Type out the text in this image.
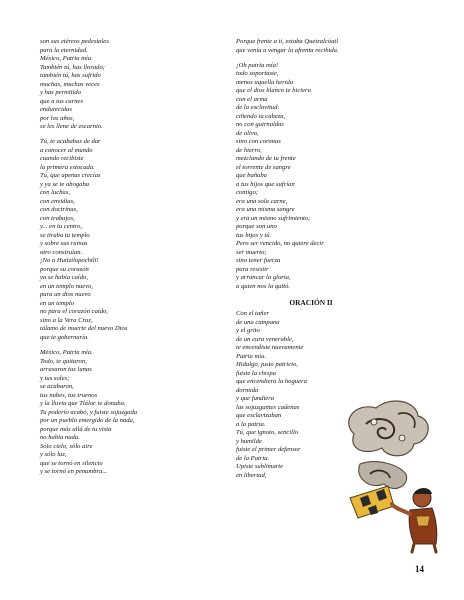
son sus etéreos pedestales
para la eternidad.
México, Patria mía.
También tú, has llorado;
también tú, has sufrido
muchas, muchas veces
y has permitido
que a tus carnes
endurecidas
por los años,
se les llene de escarnio.
Tú, te acababas de dar
a conocer al mundo
cuando recibiste
la primera estocada.
Tú, que apenas crecías
y ya se te ahogaba
con luchas,
con envidias,
con doctrinas,
con trabajos,
y... en tu centro,
se tiraba tu templo
y sobre sus ruinas
otro construían.
¡No a Huitzilopochtli!
porque su corazón
ya se había caído,
en un templo nuevo,
para un dios nuevo
en un templo
no para el corazón caído,
sino a la Vera Cruz,
tálamo de muerte del nuevo Dios
que te gobernaría.
México, Patria mía.
Todo, te quitaron,
arrasaron tus lunas
y tus soles;
se acabaron,
tus nubes, tus truenos
y la lluvia que Tláloc te donaba.
Tu poderío acabó, y fuiste sojuzgada
por un pueblo emergido de la nada,
porque más allá de tu vista
no había nada.
Sólo cielo, sólo aire
y sólo luz,
que se tornó en silencio
y se tornó en penumbra...
Porque frente a ti, estaba Quetzalcóatl
que venía a vengar la afrenta recibida.
¡Oh patria mía!
todo soportaste,
menos aquella herida
que el dios blanco te hiciera
con el arma
de la esclavitud:
ciñendo tu cabeza,
no con guirnaldas
de olivo,
sino con coronas
de hierro,
mezclando de tu frente
el torrente de sangre
que bañaba
a tus hijos que sufrían
contigo;
era una sola carne,
era una misma sangre
y era un mismo sufrimiento;
porque son uno
tus hijos y tú.
Pero ser vencido, no quiere decir
ser muerto;
sino tener fuerza
para resistir
y arrancar la gloria,
a quien nos la quitó.
ORACIÓN II
Con el tañer
de una campana
y el grito
de un cura venerable,
te encendiste nuevamente
Patria mía.
Hidalgo, justo patricio,
fuiste la chispa
que encendiera la hoguera
dormida
y que fundiera
las sojuzgantes cadenas
que esclavizaban
a la patria.
Tú, que ignoto, sencillo
y humilde
fuiste el primer defensor
de la Patria.
Upiste sublimarte
en libertad,
14
